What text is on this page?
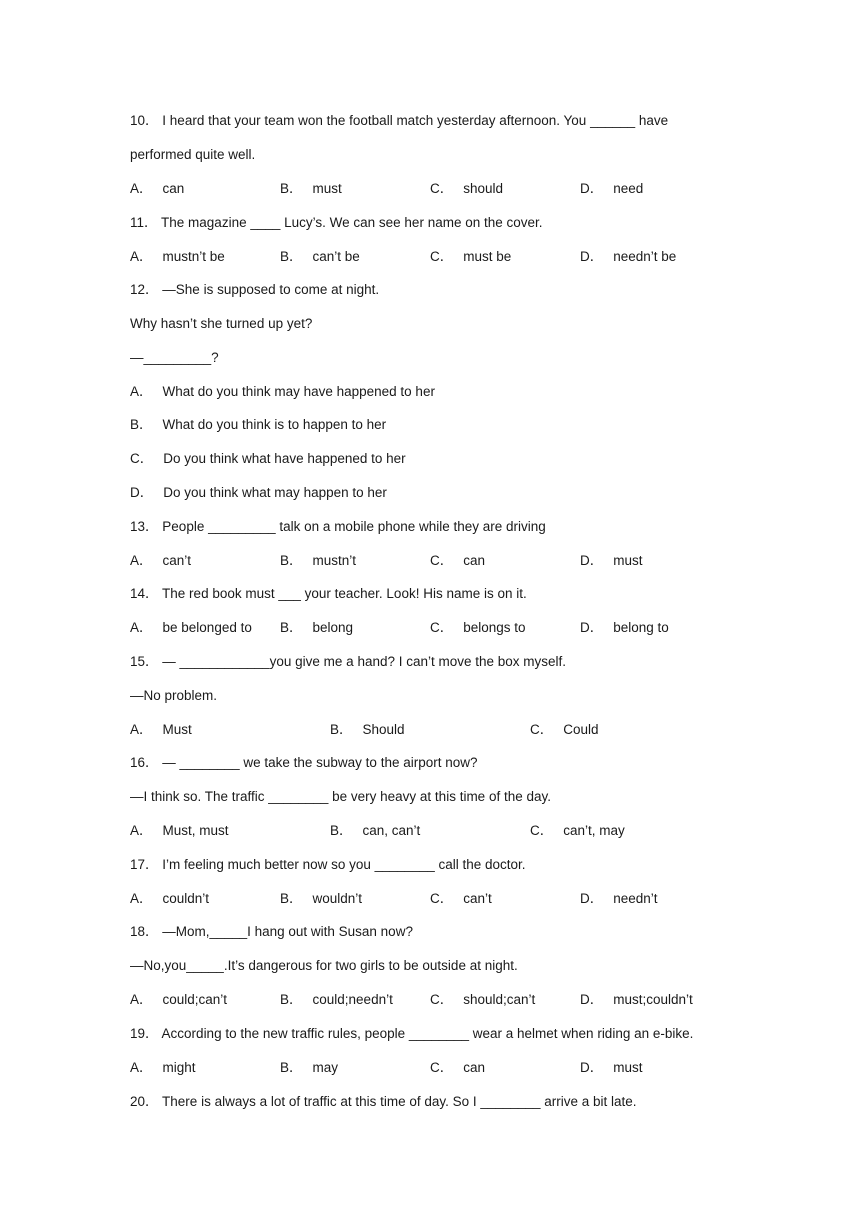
10． I heard that your team won the football match yesterday afternoon. You ______ have
performed quite well.
A． can	B． must	C． should	D． need
11． The magazine ____ Lucy’s. We can see her name on the cover.
A． mustn’t be	B． can’t be	C． must be	D． needn’t be
12． —She is supposed to come at night.
Why hasn’t she turned up yet?
—_________?
A． What do you think may have happened to her
B． What do you think is to happen to her
C． Do you think what have happened to her
D． Do you think what may happen to her
13． People _________ talk on a mobile phone while they are driving
A． can’t	B． mustn’t	C． can	D． must
14． The red book must ___ your teacher. Look! His name is on it.
A． be belonged to B． belong	C． belongs to	D． belong to
15． — ____________you give me a hand? I can’t move the box myself.
—No problem.
A． Must	B． Should	C． Could
16． — ________ we take the subway to the airport now?
—I think so. The traffic ________ be very heavy at this time of the day.
A． Must, must	B． can, can’t	C． can’t, may
17． I’m feeling much better now so you ________ call the doctor.
A． couldn’t	B． wouldn’t	C． can’t	D． needn’t
18． —Mom,_____I hang out with Susan now?
—No,you_____.It’s dangerous for two girls to be outside at night.
A． could;can’t	B． could;needn’t	C． should;can’t	D． must;couldn’t
19． According to the new traffic rules, people ________ wear a helmet when riding an e-bike.
A． might	B． may	C． can	D． must
20． There is always a lot of traffic at this time of day. So I ________ arrive a bit late.
